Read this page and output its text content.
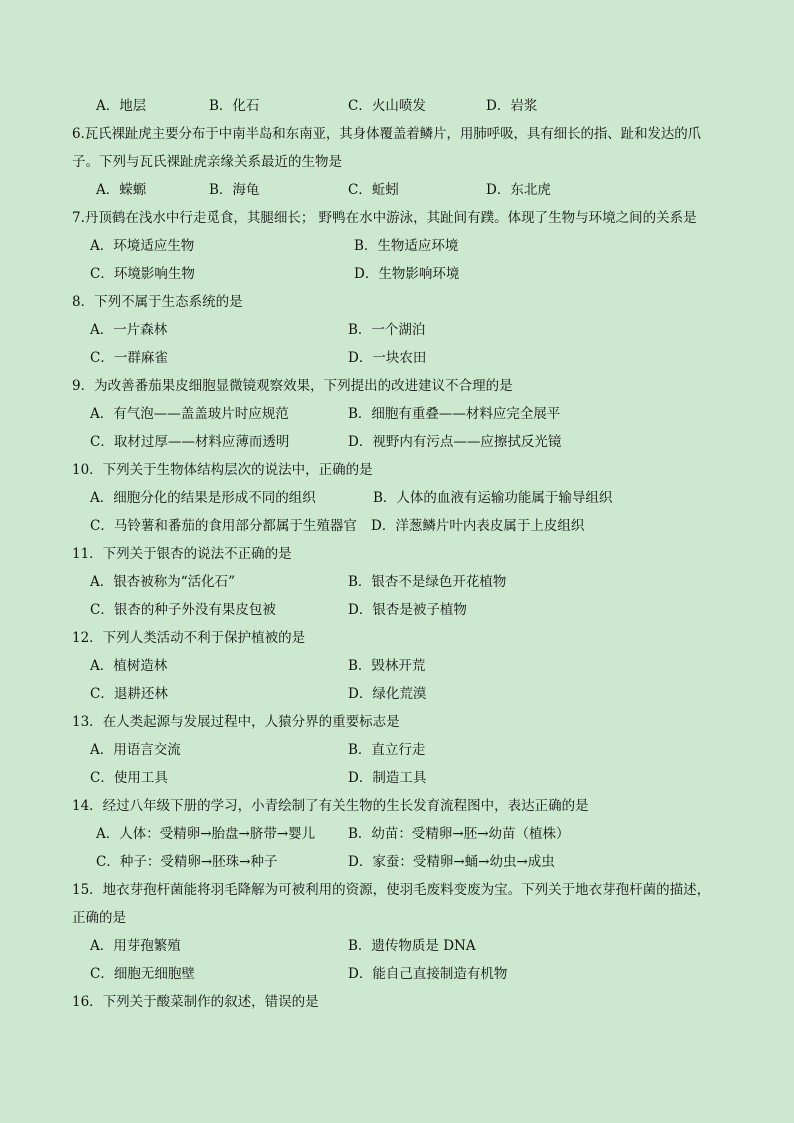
A．地层	B．化石	C．火山喷发	D．岩浆
6.瓦氏裸趾虎主要分布于中南半岛和东南亚，其身体覆盖着鳞片，用肺呼吸，具有细长的指、趾和发达的爪
子。下列与瓦氏裸趾虎亲缘关系最近的生物是
A．蝾螈	B．海龟	C．蚯蚓	D．东北虎
7.丹顶鹤在浅水中行走觅食，其腿细长； 野鸭在水中游泳，其趾间有蹼。体现了生物与环境之间的关系是
A．环境适应生物	B．生物适应环境
C．环境影响生物	D．生物影响环境
8．下列不属于生态系统的是
A．一片森林	B．一个湖泊
C．一群麻雀	D．一块农田
9．为改善番茄果皮细胞显微镜观察效果，下列提出的改进建议不合理的是
A．有气泡——盖盖玻片时应规范	B．细胞有重叠——材料应完全展平
C．取材过厚——材料应薄而透明	D．视野内有污点——应擦拭反光镜
10．下列关于生物体结构层次的说法中，正确的是
A．细胞分化的结果是形成不同的组织	B．人体的血液有运输功能属于输导组织
C．马铃薯和番茄的食用部分都属于生殖器官 D．洋葱鳞片叶内表皮属于上皮组织
11．下列关于银杏的说法不正确的是
A．银杏被称为“活化石”	B．银杏不是绿色开花植物
C．银杏的种子外没有果皮包被	D．银杏是被子植物
12．下列人类活动不利于保护植被的是
A．植树造林	B．毁林开荒
C．退耕还林	D．绿化荒漠
13．在人类起源与发展过程中，人猿分界的重要标志是
A．用语言交流	B．直立行走
C．使用工具	D．制造工具
14．经过八年级下册的学习，小青绘制了有关生物的生长发育流程图中，表达正确的是
A．人体：受精卵→胎盘→脐带→婴儿 B．幼苗：受精卵→胚→幼苗（植株）
C．种子：受精卵→胚珠→种子	D．家蚕：受精卵→蛹→幼虫→成虫
15．地衣芽孢杆菌能将羽毛降解为可被利用的资源，使羽毛废料变废为宝。下列关于地衣芽孢杆菌的描述，
正确的是
A．用芽孢繁殖	B．遗传物质是 DNA
C．细胞无细胞壁	D．能自己直接制造有机物
16．下列关于酸菜制作的叙述，错误的是
